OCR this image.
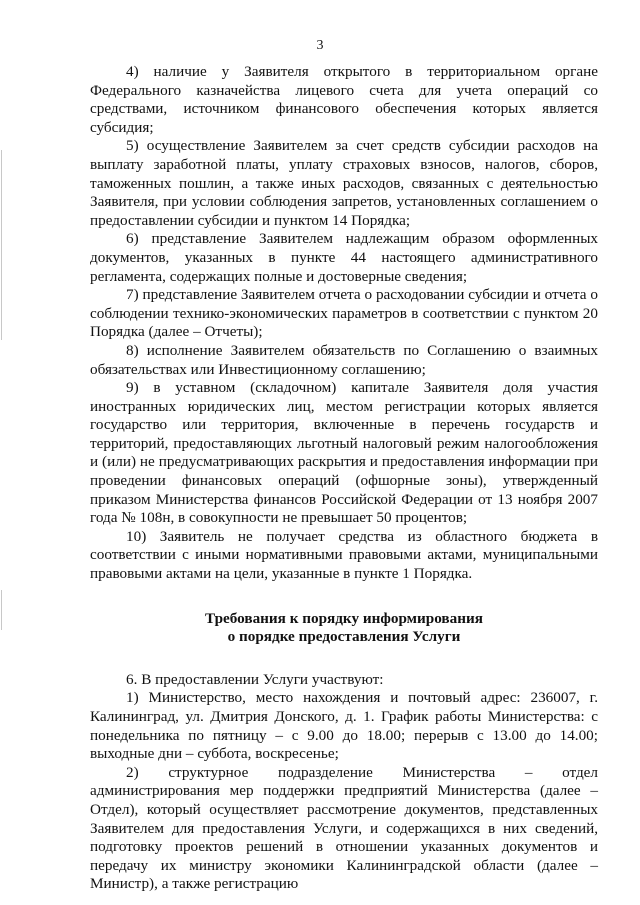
3

4) наличие у Заявителя открытого в территориальном органе Федерального казначейства лицевого счета для учета операций со средствами, источником финансового обеспечения которых является субсидия;

5) осуществление Заявителем за счет средств субсидии расходов на выплату заработной платы, уплату страховых взносов, налогов, сборов, таможенных пошлин, а также иных расходов, связанных с деятельностью Заявителя, при условии соблюдения запретов, установленных соглашением о предоставлении субсидии и пунктом 14 Порядка;

6) представление Заявителем надлежащим образом оформленных документов, указанных в пункте 44 настоящего административного регламента, содержащих полные и достоверные сведения;

7) представление Заявителем отчета о расходовании субсидии и отчета о соблюдении технико-экономических параметров в соответствии с пунктом 20 Порядка (далее – Отчеты);

8) исполнение Заявителем обязательств по Соглашению о взаимных обязательствах или Инвестиционному соглашению;

9) в уставном (складочном) капитале Заявителя доля участия иностранных юридических лиц, местом регистрации которых является государство или территория, включенные в перечень государств и территорий, предоставляющих льготный налоговый режим налогообложения и (или) не предусматривающих раскрытия и предоставления информации при проведении финансовых операций (офшорные зоны), утвержденный приказом Министерства финансов Российской Федерации от 13 ноября 2007 года № 108н, в совокупности не превышает 50 процентов;

10) Заявитель не получает средства из областного бюджета в соответствии с иными нормативными правовыми актами, муниципальными правовыми актами на цели, указанные в пункте 1 Порядка.

Требования к порядку информирования
о порядке предоставления Услуги

6. В предоставлении Услуги участвуют:

1) Министерство, место нахождения и почтовый адрес: 236007, г. Калининград, ул. Дмитрия Донского, д. 1. График работы Министерства: с понедельника по пятницу – с 9.00 до 18.00; перерыв с 13.00 до 14.00; выходные дни – суббота, воскресенье;

2) структурное подразделение Министерства – отдел администрирования мер поддержки предприятий Министерства (далее – Отдел), который осуществляет рассмотрение документов, представленных Заявителем для предоставления Услуги, и содержащихся в них сведений, подготовку проектов решений в отношении указанных документов и передачу их министру экономики Калининградской области (далее – Министр), а также регистрацию
